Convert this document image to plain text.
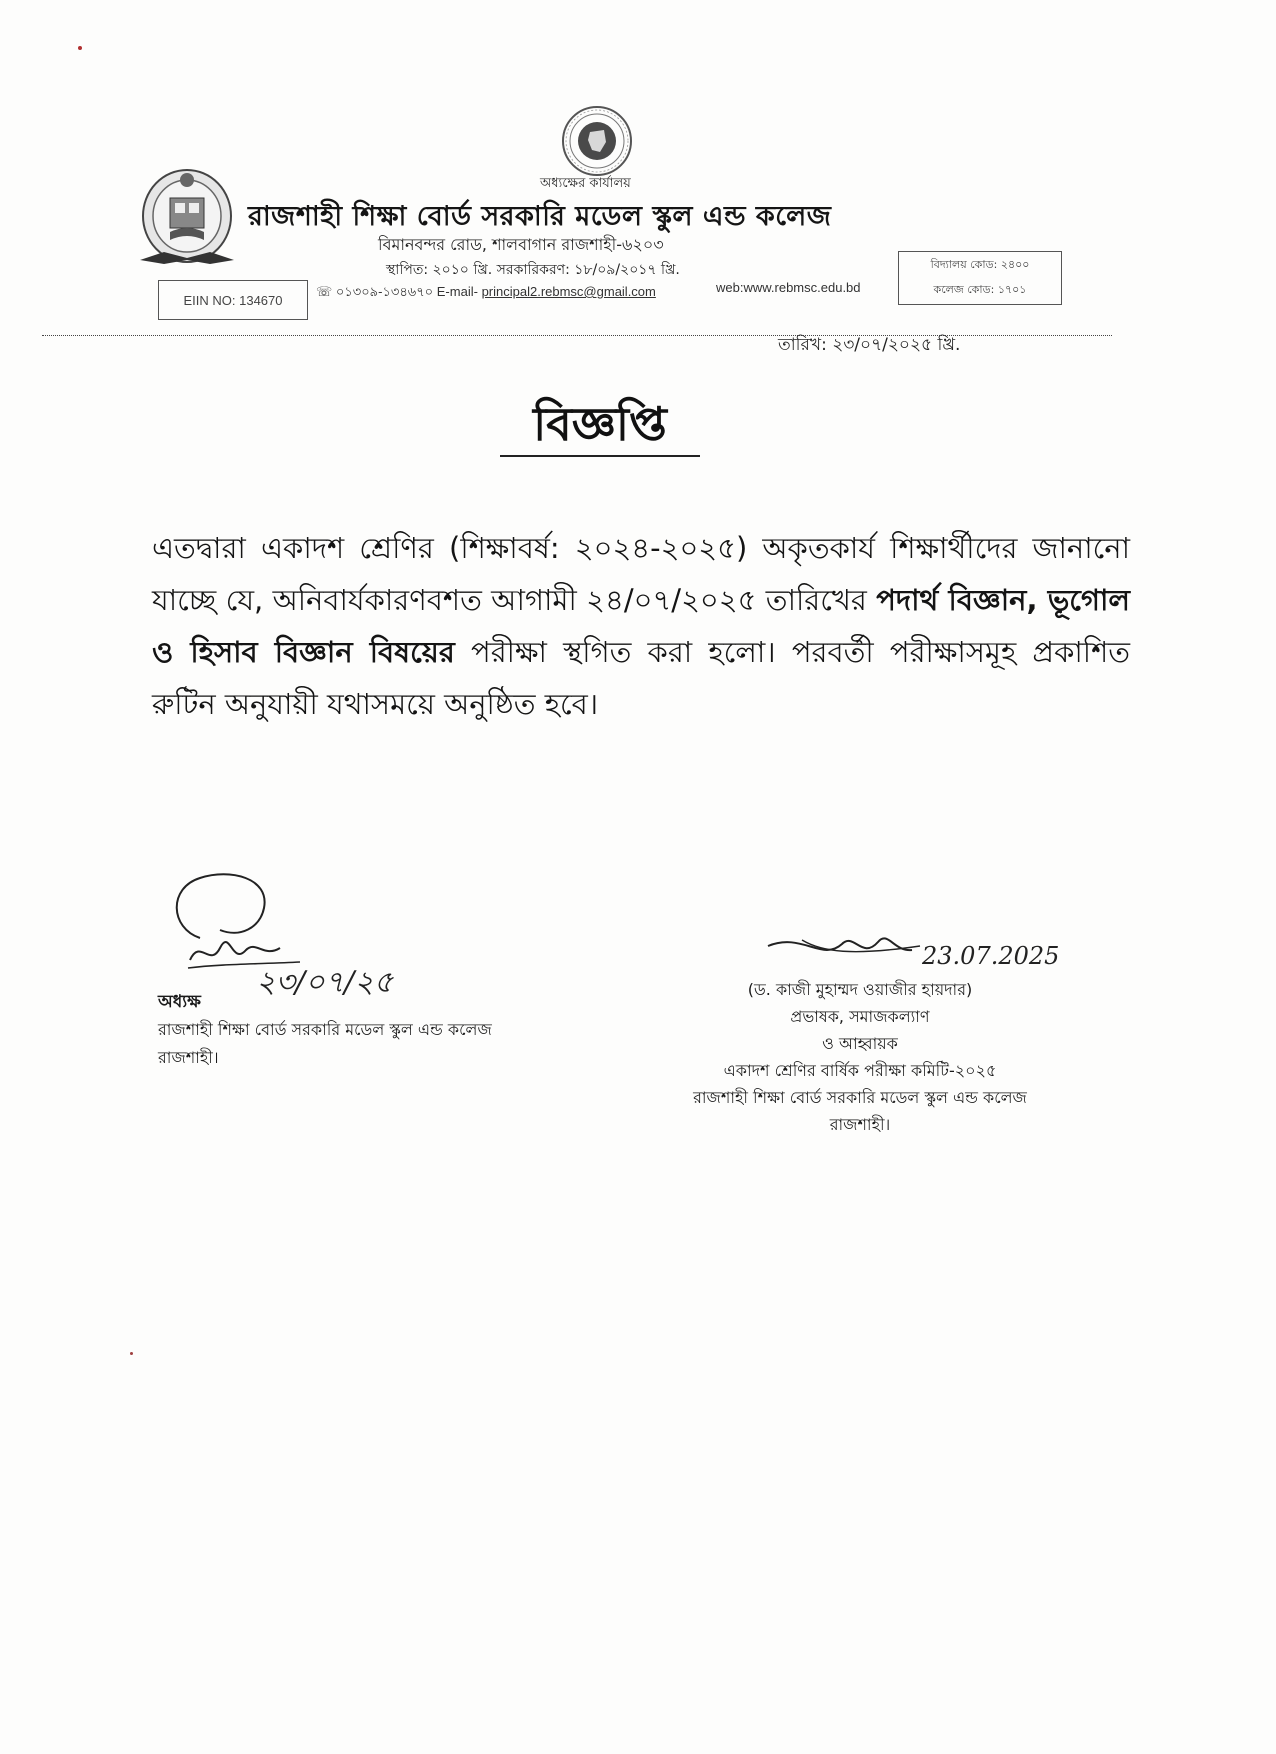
অধ্যক্ষের কার্যালয়
রাজশাহী শিক্ষা বোর্ড সরকারি মডেল স্কুল এন্ড কলেজ
বিমানবন্দর রোড, শালবাগান রাজশাহী-৬২০৩
স্থাপিত: ২০১০ খ্রি. সরকারিকরণ: ১৮/০৯/২০১৭ খ্রি.
EIIN NO: 134670
☏ ০১৩০৯-১৩৪৬৭০ E-mail- principal2.rebmsc@gmail.com	web:www.rebmsc.edu.bd
বিদ্যালয় কোড: ২৪০০
কলেজ কোড: ১৭০১
তারিখ: ২৩/০৭/২০২৫ খ্রি.
বিজ্ঞপ্তি
এতদ্বারা একাদশ শ্রেণির (শিক্ষাবর্ষ: ২০২৪-২০২৫) অকৃতকার্য শিক্ষার্থীদের জানানো যাচ্ছে যে, অনিবার্যকারণবশত আগামী ২৪/০৭/২০২৫ তারিখের পদার্থ বিজ্ঞান, ভূগোল ও হিসাব বিজ্ঞান বিষয়ের পরীক্ষা স্থগিত করা হলো। পরবর্তী পরীক্ষাসমূহ প্রকাশিত রুটিন অনুযায়ী যথাসময়ে অনুষ্ঠিত হবে।
২৩/০৭/২৫
অধ্যক্ষ
রাজশাহী শিক্ষা বোর্ড সরকারি মডেল স্কুল এন্ড কলেজ
রাজশাহী।
23.07.2025
(ড. কাজী মুহাম্মদ ওয়াজীর হায়দার)
প্রভাষক, সমাজকল্যাণ
ও আহ্বায়ক
একাদশ শ্রেণির বার্ষিক পরীক্ষা কমিটি-২০২৫
রাজশাহী শিক্ষা বোর্ড সরকারি মডেল স্কুল এন্ড কলেজ
রাজশাহী।
